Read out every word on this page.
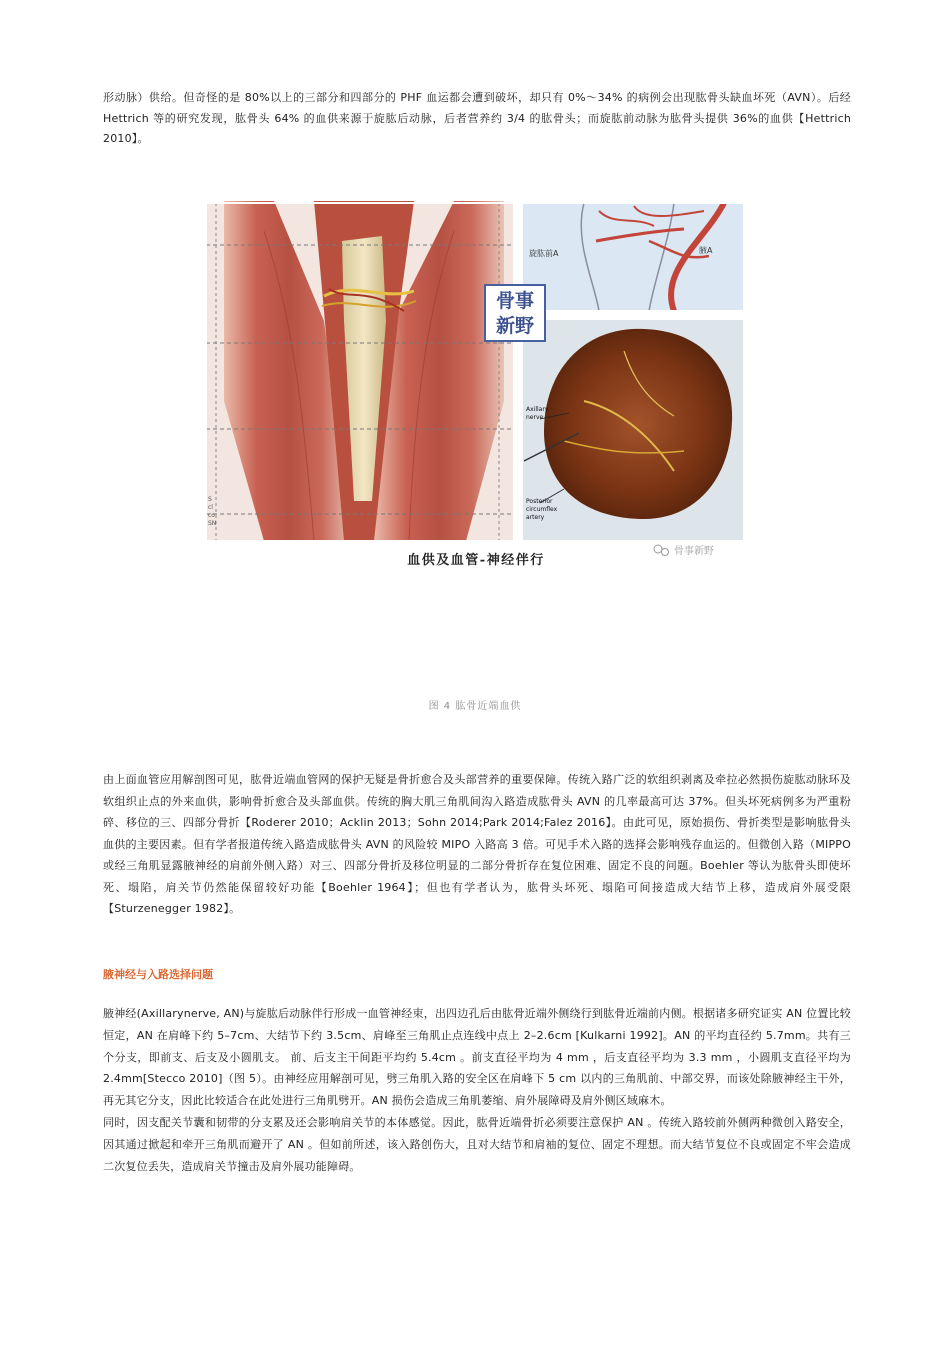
形动脉）供给。但奇怪的是 80%以上的三部分和四部分的 PHF 血运都会遭到破坏，却只有 0%～34% 的病例会出现肱骨头缺血坏死（AVN）。后经 Hettrich 等的研究发现，肱骨头 64% 的血供来源于旋肱后动脉，后者营养约 3/4 的肱骨头；而旋肱前动脉为肱骨头提供 36%的血供【Hettrich 2010】。
骨事
新野
旋肱前A	腋A
Axillary
nerve
Posterior
circumflex
artery
S
cl
co
SN
血供及血管-神经伴行
骨事新野
图 4 肱骨近端血供
由上面血管应用解剖图可见，肱骨近端血管网的保护无疑是骨折愈合及头部营养的重要保障。传统入路广泛的软组织剥离及牵拉必然损伤旋肱动脉环及软组织止点的外来血供，影响骨折愈合及头部血供。传统的胸大肌三角肌间沟入路造成肱骨头 AVN 的几率最高可达 37%。但头坏死病例多为严重粉碎、移位的三、四部分骨折【Roderer 2010；Acklin 2013；Sohn 2014;Park 2014;Falez 2016】。由此可见，原始损伤、骨折类型是影响肱骨头血供的主要因素。但有学者报道传统入路造成肱骨头 AVN 的风险较 MIPO 入路高 3 倍。可见手术入路的选择会影响残存血运的。但微创入路（MIPPO 或经三角肌显露腋神经的肩前外侧入路）对三、四部分骨折及移位明显的二部分骨折存在复位困难、固定不良的问题。Boehler 等认为肱骨头即使坏死、塌陷，肩关节仍然能保留较好功能【Boehler 1964】；但也有学者认为，肱骨头坏死、塌陷可间接造成大结节上移，造成肩外展受限【Sturzenegger 1982】。
腋神经与入路选择问题
腋神经(Axillarynerve, AN)与旋肱后动脉伴行形成一血管神经束，出四边孔后由肱骨近端外侧绕行到肱骨近端前内侧。根据诸多研究证实 AN 位置比较恒定，AN 在肩峰下约 5–7cm、大结节下约 3.5cm、肩峰至三角肌止点连线中点上 2–2.6cm [Kulkarni 1992]。AN 的平均直径约 5.7mm。共有三个分支，即前支、后支及小圆肌支。 前、后支主干间距平均约 5.4cm 。前支直径平均为 4 mm ，后支直径平均为 3.3 mm ，小圆肌支直径平均为 2.4mm[Stecco 2010]（图 5）。由神经应用解剖可见，劈三角肌入路的安全区在肩峰下 5 cm 以内的三角肌前、中部交界，而该处除腋神经主干外，再无其它分支，因此比较适合在此处进行三角肌劈开。AN 损伤会造成三角肌萎缩、肩外展障碍及肩外侧区域麻木。
同时，因支配关节囊和韧带的分支累及还会影响肩关节的本体感觉。因此，肱骨近端骨折必须要注意保护 AN 。传统入路较前外侧两种微创入路安全，因其通过掀起和牵开三角肌而避开了 AN 。但如前所述，该入路创伤大，且对大结节和肩袖的复位、固定不理想。而大结节复位不良或固定不牢会造成二次复位丢失，造成肩关节撞击及肩外展功能障碍。
